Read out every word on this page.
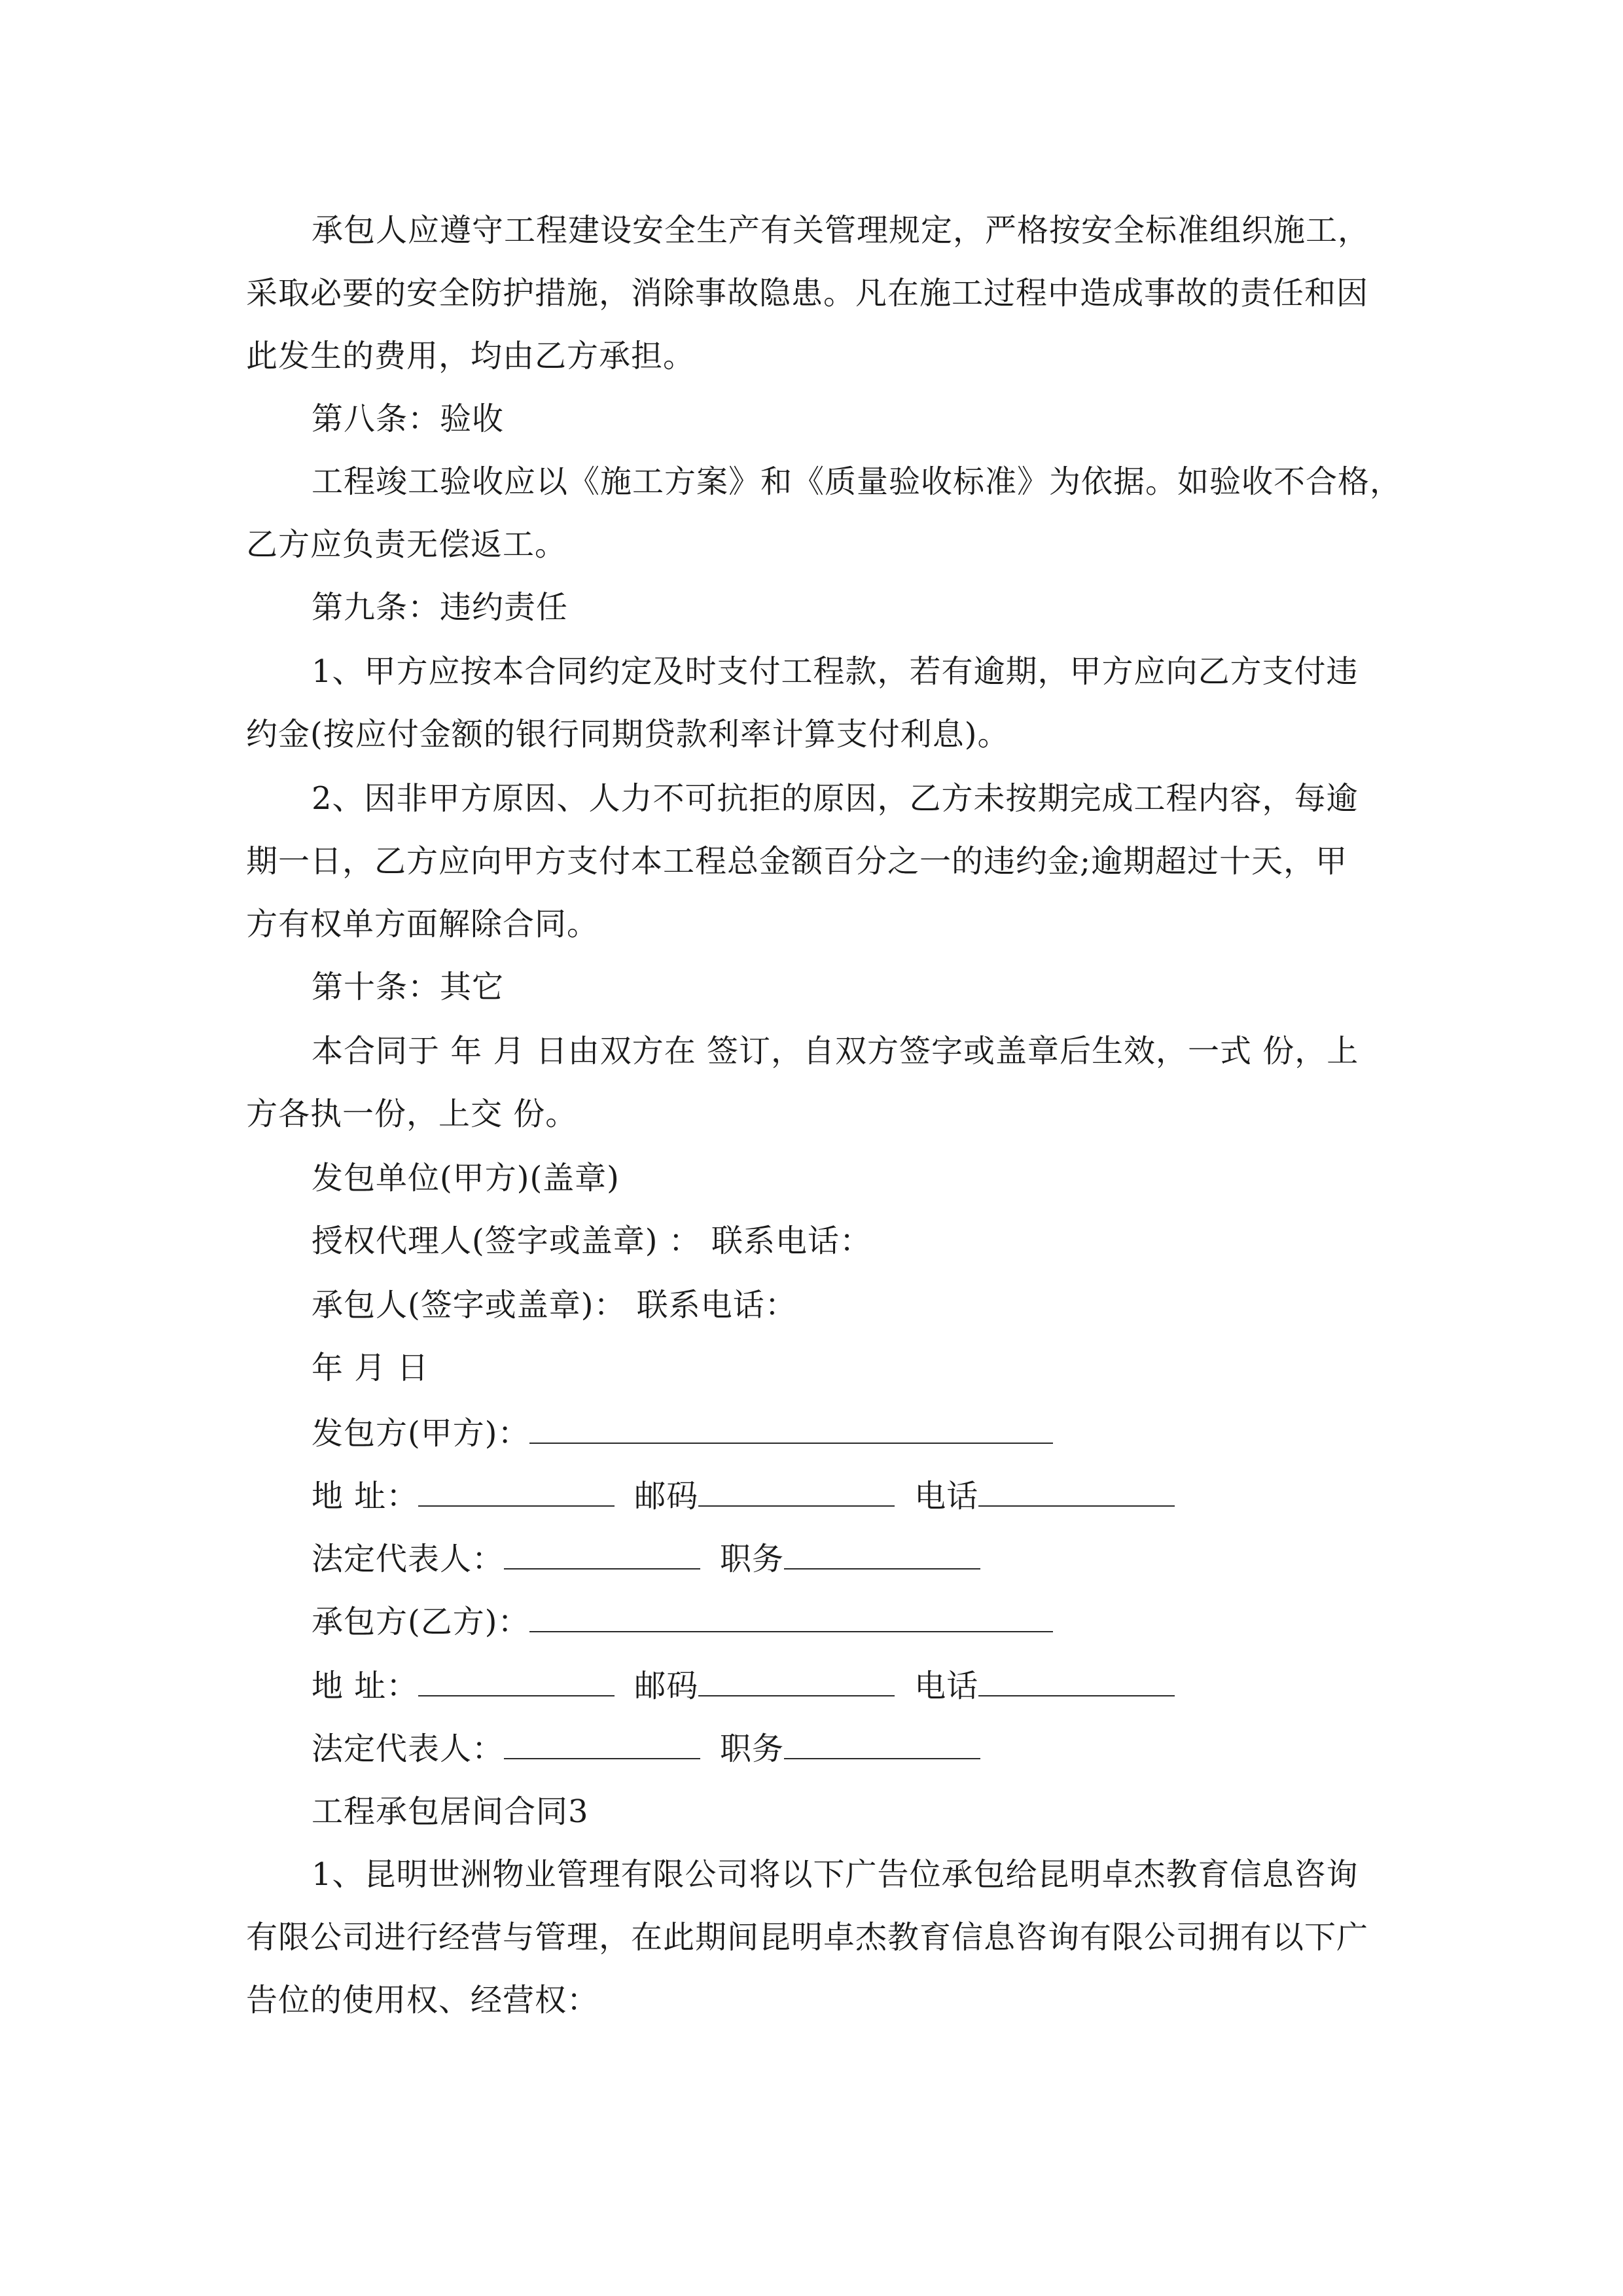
承包人应遵守工程建设安全生产有关管理规定，严格按安全标准组织施工，
采取必要的安全防护措施，消除事故隐患。凡在施工过程中造成事故的责任和因
此发生的费用，均由乙方承担。
第八条：验收
工程竣工验收应以《施工方案》和《质量验收标准》为依据。如验收不合格，
乙方应负责无偿返工。
第九条：违约责任
1、甲方应按本合同约定及时支付工程款，若有逾期，甲方应向乙方支付违
约金(按应付金额的银行同期贷款利率计算支付利息)。
2、因非甲方原因、人力不可抗拒的原因，乙方未按期完成工程内容，每逾
期一日，乙方应向甲方支付本工程总金额百分之一的违约金;逾期超过十天，甲
方有权单方面解除合同。
第十条：其它
本合同于 年 月 日由双方在 签订，自双方签字或盖章后生效，一式 份，上
方各执一份，上交 份。
发包单位(甲方)(盖章)
授权代理人(签字或盖章) ： 联系电话：
承包人(签字或盖章)： 联系电话：
年 月 日
发包方(甲方)：
地 址：	邮码	电话
法定代表人：	职务
承包方(乙方)：
地 址：	邮码	电话
法定代表人：	职务
工程承包居间合同3
1、昆明世洲物业管理有限公司将以下广告位承包给昆明卓杰教育信息咨询
有限公司进行经营与管理，在此期间昆明卓杰教育信息咨询有限公司拥有以下广
告位的使用权、经营权：
